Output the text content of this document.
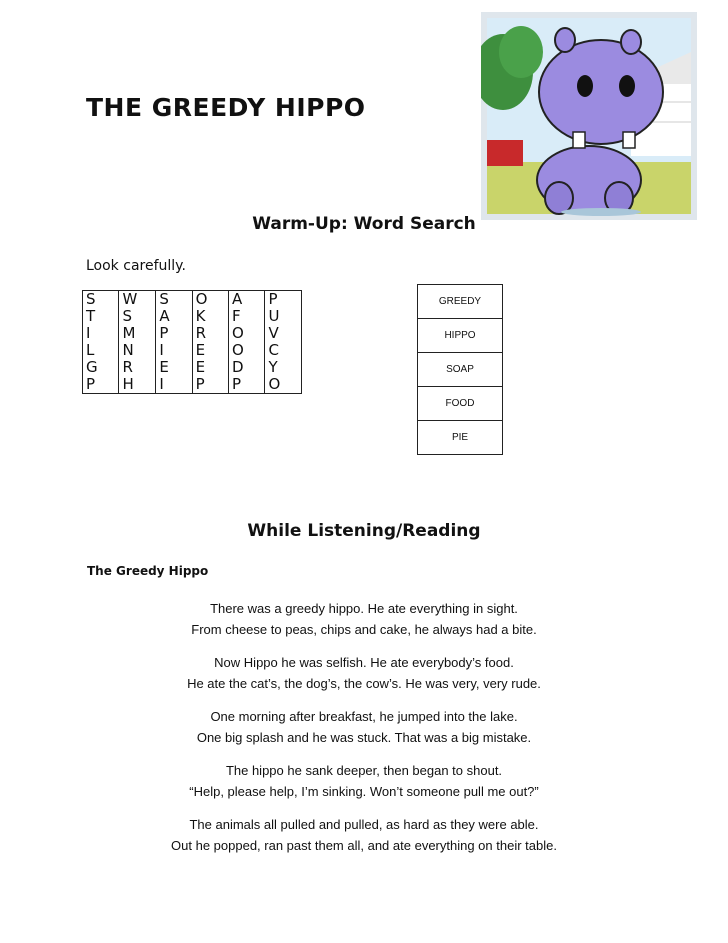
THE GREEDY HIPPO
Warm-Up: Word Search
Look carefully.
S	W	S	O	A	P
T	S	A	K	F	U
I	M	P	R	O	V
L	N	I	E	O	C
G	R	E	E	D	Y
P	H	I	P	P	O
GREEDY
HIPPO
SOAP
FOOD
PIE
While Listening/Reading
The Greedy Hippo
There was a greedy hippo. He ate everything in sight.
From cheese to peas, chips and cake, he always had a bite.
Now Hippo he was selfish. He ate everybody’s food.
He ate the cat’s, the dog’s, the cow’s. He was very, very rude.
One morning after breakfast, he jumped into the lake.
One big splash and he was stuck. That was a big mistake.
The hippo he sank deeper, then began to shout.
“Help, please help, I’m sinking. Won’t someone pull me out?”
The animals all pulled and pulled, as hard as they were able.
Out he popped, ran past them all, and ate everything on their table.
